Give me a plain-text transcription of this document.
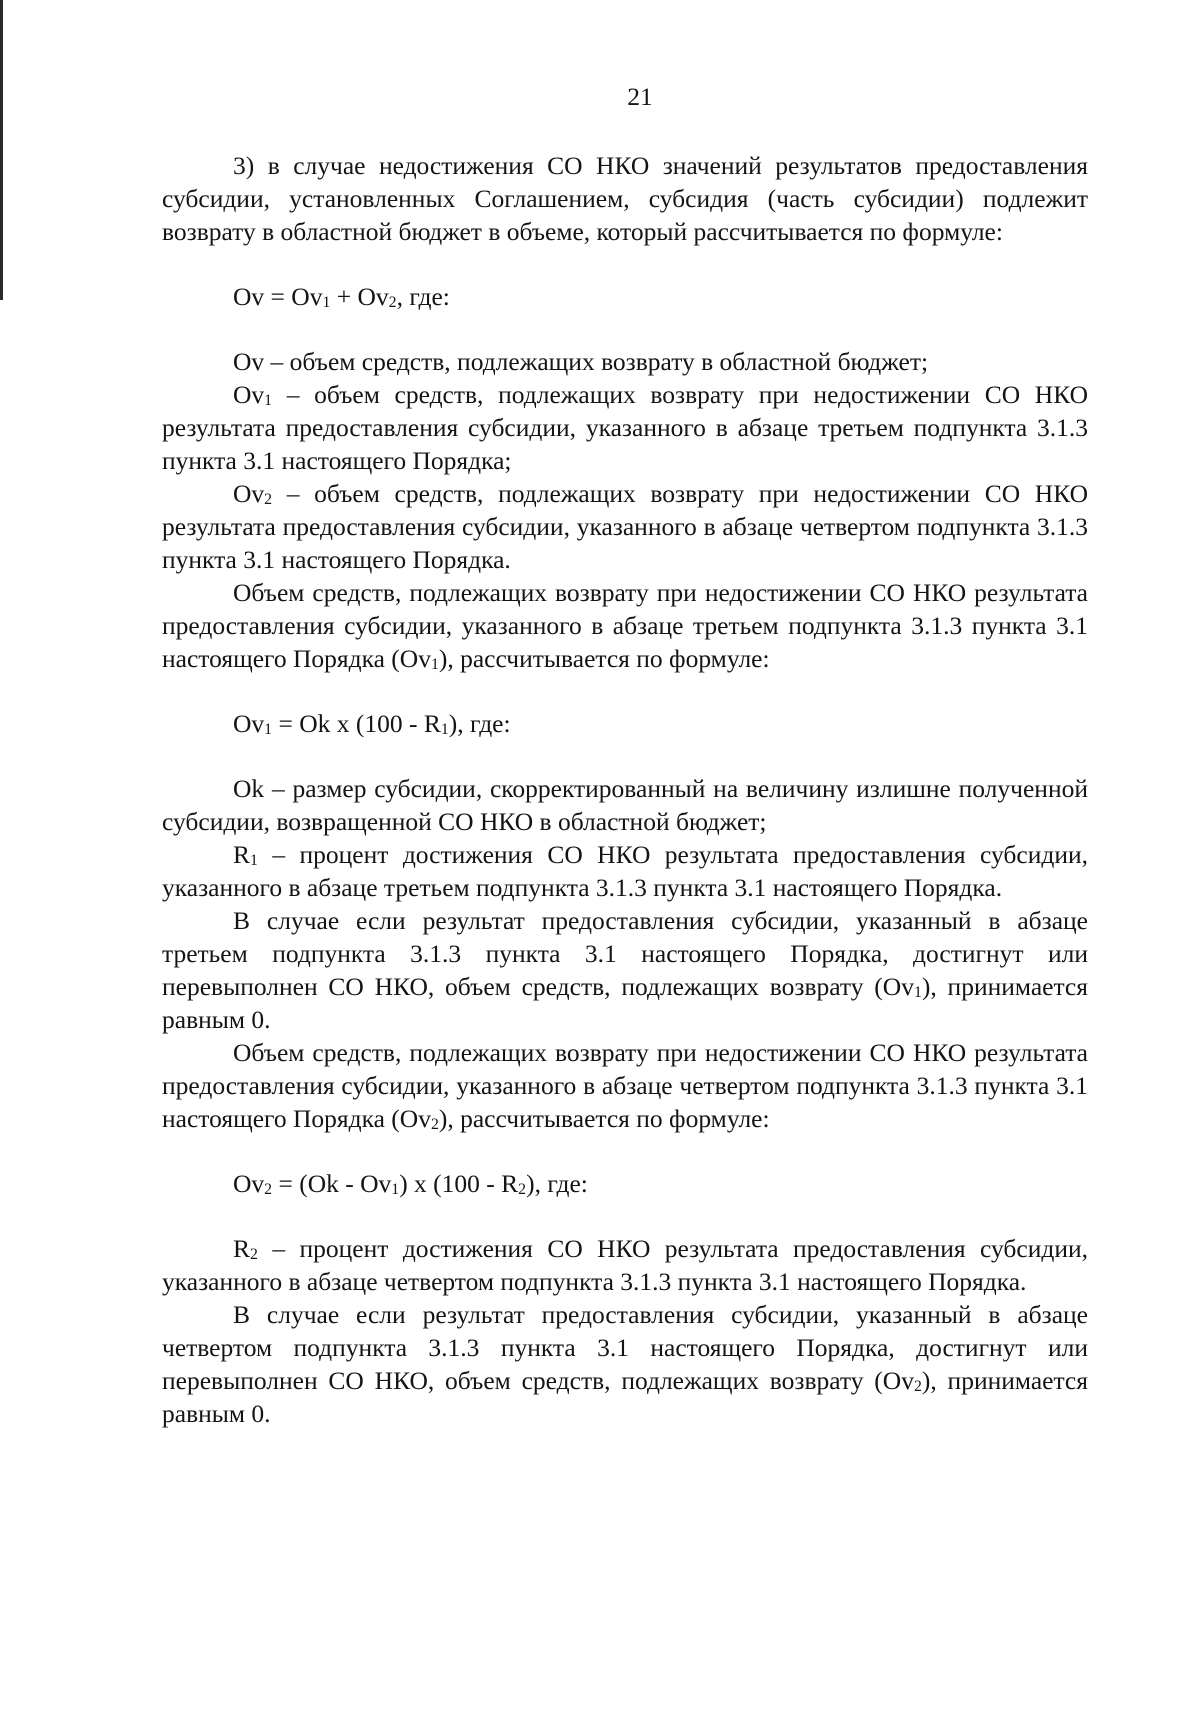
21

3) в случае недостижения СО НКО значений результатов предоставления субсидии, установленных Соглашением, субсидия (часть субсидии) подлежит возврату в областной бюджет в объеме, который рассчитывается по формуле:

$Ov = Ov_1 + Ov_2$, где:

Ov – объем средств, подлежащих возврату в областной бюджет;

$Ov_1$ – объем средств, подлежащих возврату при недостижении СО НКО результата предоставления субсидии, указанного в абзаце третьем подпункта 3.1.3 пункта 3.1 настоящего Порядка;

$Ov_2$ – объем средств, подлежащих возврату при недостижении СО НКО результата предоставления субсидии, указанного в абзаце четвертом подпункта 3.1.3 пункта 3.1 настоящего Порядка.

Объем средств, подлежащих возврату при недостижении СО НКО результата предоставления субсидии, указанного в абзаце третьем подпункта 3.1.3 пункта 3.1 настоящего Порядка $(Ov_1)$, рассчитывается по формуле:

$Ov_1 = Ok$ x $(100 - R_1)$, где:

Ok – размер субсидии, скорректированный на величину излишне полученной субсидии, возвращенной СО НКО в областной бюджет;

$R_1$ – процент достижения СО НКО результата предоставления субсидии, указанного в абзаце третьем подпункта 3.1.3 пункта 3.1 настоящего Порядка.

В случае если результат предоставления субсидии, указанный в абзаце третьем подпункта 3.1.3 пункта 3.1 настоящего Порядка, достигнут или перевыполнен СО НКО, объем средств, подлежащих возврату $(Ov_1)$, принимается равным 0.

Объем средств, подлежащих возврату при недостижении СО НКО результата предоставления субсидии, указанного в абзаце четвертом подпункта 3.1.3 пункта 3.1 настоящего Порядка $(Ov_2)$, рассчитывается по формуле:

$Ov_2 = (Ok - Ov_1)$ x $(100 - R_2)$, где:

$R_2$ – процент достижения СО НКО результата предоставления субсидии, указанного в абзаце четвертом подпункта 3.1.3 пункта 3.1 настоящего Порядка.

В случае если результат предоставления субсидии, указанный в абзаце четвертом подпункта 3.1.3 пункта 3.1 настоящего Порядка, достигнут или перевыполнен СО НКО, объем средств, подлежащих возврату $(Ov_2)$, принимается равным 0.
